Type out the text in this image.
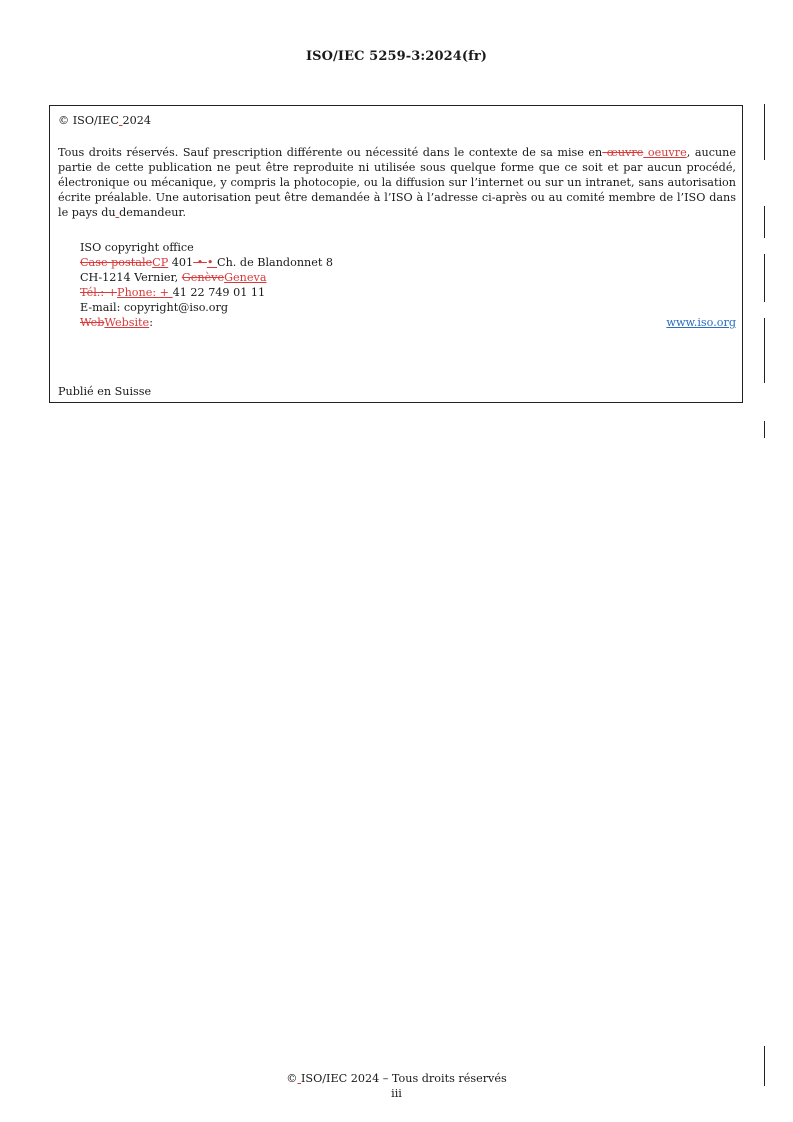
ISO/IEC 5259-3:2024(fr)
© ISO/IEC 2024
Tous droits réservés. Sauf prescription différente ou nécessité dans le contexte de sa mise en œuvre oeuvre, aucune partie de cette publication ne peut être reproduite ni utilisée sous quelque forme que ce soit et par aucun procédé, électronique ou mécanique, y compris la photocopie, ou la diffusion sur l’internet ou sur un intranet, sans autorisation écrite préalable. Une autorisation peut être demandée à l’ISO à l’adresse ci-après ou au comité membre de l’ISO dans le pays du demandeur.
ISO copyright office
Case postaleCP 401 • • Ch. de Blandonnet 8
CH-1214 Vernier, GenèveGeneva
Tél.: +Phone: + 41 22 749 01 11
E-mail: copyright@iso.org
WebWebsite:	www.iso.org
Publié en Suisse
© ISO/IEC 2024 – Tous droits réservés
iii
